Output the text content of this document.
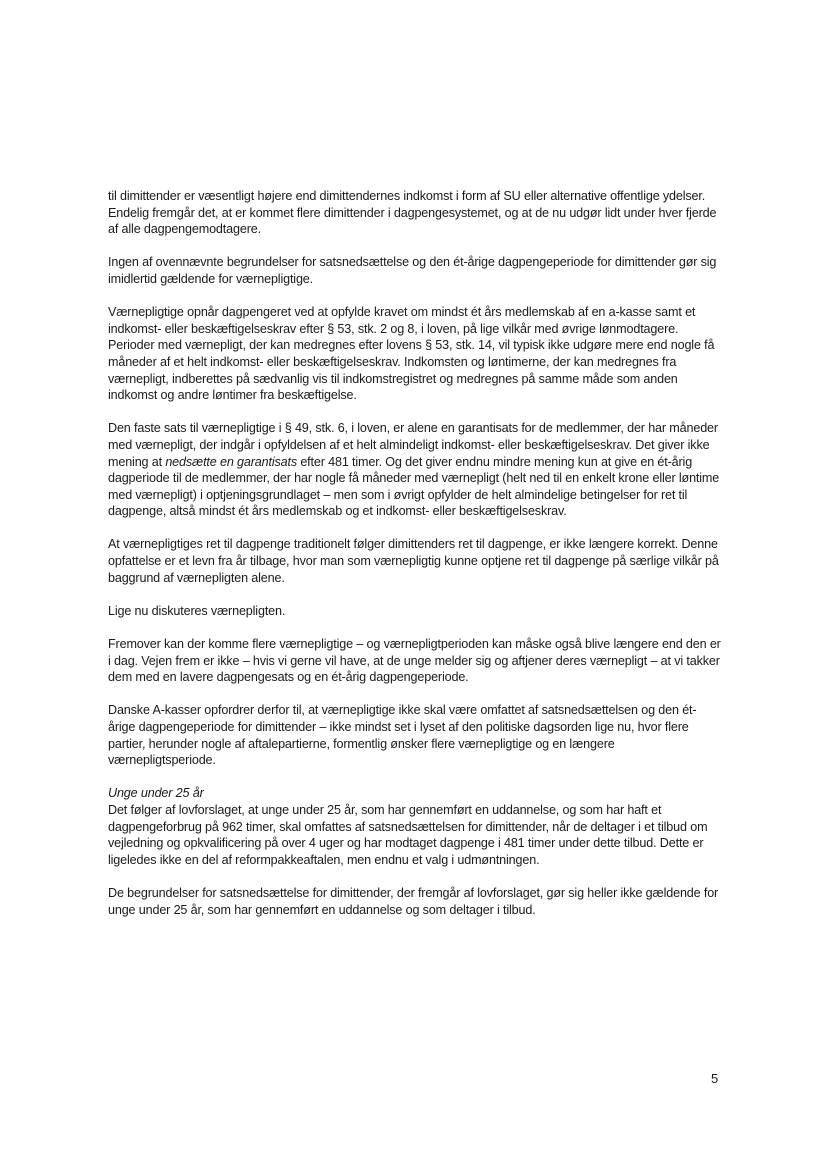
til dimittender er væsentligt højere end dimittendernes indkomst i form af SU eller alternative offentlige ydelser. Endelig fremgår det, at er kommet flere dimittender i dagpengesystemet, og at de nu udgør lidt under hver fjerde af alle dagpengemodtagere.

Ingen af ovennævnte begrundelser for satsnedsættelse og den ét-årige dagpengeperiode for dimittender gør sig imidlertid gældende for værnepligtige.

Værnepligtige opnår dagpengeret ved at opfylde kravet om mindst ét års medlemskab af en a-kasse samt et indkomst- eller beskæftigelseskrav efter § 53, stk. 2 og 8, i loven, på lige vilkår med øvrige lønmodtagere. Perioder med værnepligt, der kan medregnes efter lovens § 53, stk. 14, vil typisk ikke udgøre mere end nogle få måneder af et helt indkomst- eller beskæftigelseskrav. Indkomsten og løntimerne, der kan medregnes fra værnepligt, indberettes på sædvanlig vis til indkomstregistret og medregnes på samme måde som anden indkomst og andre løntimer fra beskæftigelse.

Den faste sats til værnepligtige i § 49, stk. 6, i loven, er alene en garantisats for de medlemmer, der har måneder med værnepligt, der indgår i opfyldelsen af et helt almindeligt indkomst- eller beskæftigelseskrav. Det giver ikke mening at nedsætte en garantisats efter 481 timer. Og det giver endnu mindre mening kun at give en ét-årig dagperiode til de medlemmer, der har nogle få måneder med værnepligt (helt ned til en enkelt krone eller løntime med værnepligt) i optjeningsgrundlaget – men som i øvrigt opfylder de helt almindelige betingelser for ret til dagpenge, altså mindst ét års medlemskab og et indkomst- eller beskæftigelseskrav.

At værnepligtiges ret til dagpenge traditionelt følger dimittenders ret til dagpenge, er ikke længere korrekt. Denne opfattelse er et levn fra år tilbage, hvor man som værnepligtig kunne optjene ret til dagpenge på særlige vilkår på baggrund af værnepligten alene.

Lige nu diskuteres værnepligten.

Fremover kan der komme flere værnepligtige – og værnepligtperioden kan måske også blive længere end den er i dag. Vejen frem er ikke – hvis vi gerne vil have, at de unge melder sig og aftjener deres værnepligt – at vi takker dem med en lavere dagpengesats og en ét-årig dagpengeperiode.

Danske A-kasser opfordrer derfor til, at værnepligtige ikke skal være omfattet af satsnedsættelsen og den ét-årige dagpengeperiode for dimittender – ikke mindst set i lyset af den politiske dagsorden lige nu, hvor flere partier, herunder nogle af aftalepartierne, formentlig ønsker flere værnepligtige og en længere værnepligtsperiode.

Unge under 25 år

Det følger af lovforslaget, at unge under 25 år, som har gennemført en uddannelse, og som har haft et dagpengeforbrug på 962 timer, skal omfattes af satsnedsættelsen for dimittender, når de deltager i et tilbud om vejledning og opkvalificering på over 4 uger og har modtaget dagpenge i 481 timer under dette tilbud. Dette er ligeledes ikke en del af reformpakkeaftalen, men endnu et valg i udmøntningen.

De begrundelser for satsnedsættelse for dimittender, der fremgår af lovforslaget, gør sig heller ikke gældende for unge under 25 år, som har gennemført en uddannelse og som deltager i tilbud.

5
